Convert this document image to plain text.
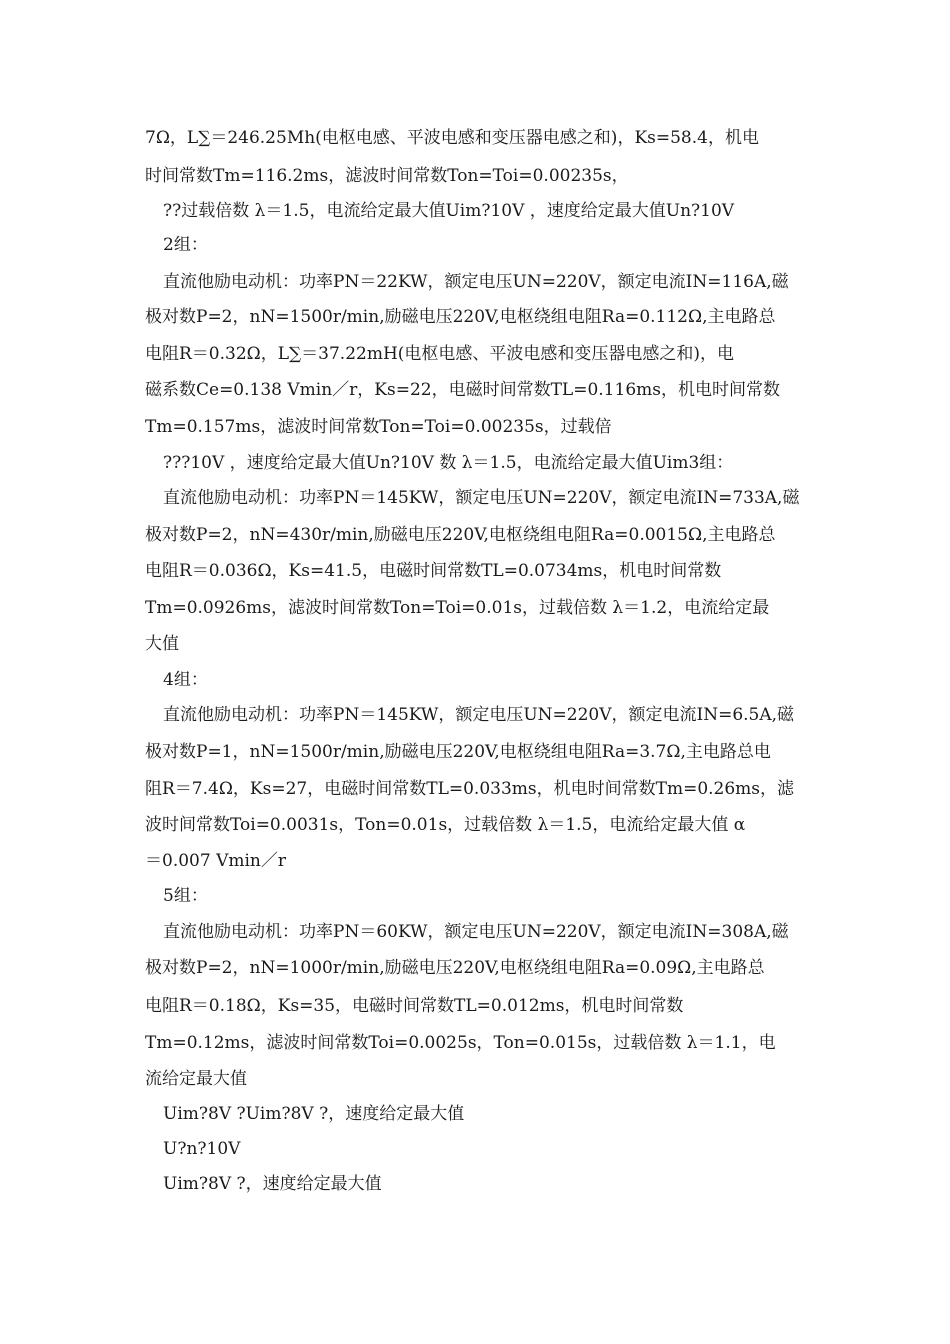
7Ω，L∑＝246.25Mh(电枢电感、平波电感和变压器电感之和)，Ks=58.4，机电
时间常数Tm=116.2ms，滤波时间常数Ton=Toi=0.00235s，
??过载倍数 λ＝1.5，电流给定最大值Uim?10V ，速度给定最大值Un?10V
2组：
直流他励电动机：功率PN＝22KW，额定电压UN=220V，额定电流IN=116A,磁
极对数P=2，nN=1500r/min,励磁电压220V,电枢绕组电阻Ra=0.112Ω,主电路总
电阻R＝0.32Ω，L∑＝37.22mH(电枢电感、平波电感和变压器电感之和)，电
磁系数Ce=0.138 Vmin／r，Ks=22，电磁时间常数TL=0.116ms，机电时间常数
Tm=0.157ms，滤波时间常数Ton=Toi=0.00235s，过载倍
???10V ，速度给定最大值Un?10V 数 λ＝1.5，电流给定最大值Uim3组：
直流他励电动机：功率PN＝145KW，额定电压UN=220V，额定电流IN=733A,磁
极对数P=2，nN=430r/min,励磁电压220V,电枢绕组电阻Ra=0.0015Ω,主电路总
电阻R＝0.036Ω，Ks=41.5，电磁时间常数TL=0.0734ms，机电时间常数
Tm=0.0926ms，滤波时间常数Ton=Toi=0.01s，过载倍数 λ＝1.2，电流给定最
大值
4组：
直流他励电动机：功率PN＝145KW，额定电压UN=220V，额定电流IN=6.5A,磁
极对数P=1，nN=1500r/min,励磁电压220V,电枢绕组电阻Ra=3.7Ω,主电路总电
阻R＝7.4Ω，Ks=27，电磁时间常数TL=0.033ms，机电时间常数Tm=0.26ms，滤
波时间常数Toi=0.0031s，Ton=0.01s，过载倍数 λ＝1.5，电流给定最大值 α
＝0.007 Vmin／r
5组：
直流他励电动机：功率PN＝60KW，额定电压UN=220V，额定电流IN=308A,磁
极对数P=2，nN=1000r/min,励磁电压220V,电枢绕组电阻Ra=0.09Ω,主电路总
电阻R＝0.18Ω，Ks=35，电磁时间常数TL=0.012ms，机电时间常数
Tm=0.12ms，滤波时间常数Toi=0.0025s，Ton=0.015s，过载倍数 λ＝1.1，电
流给定最大值
Uim?8V ?Uim?8V ?，速度给定最大值
U?n?10V
Uim?8V ?，速度给定最大值
